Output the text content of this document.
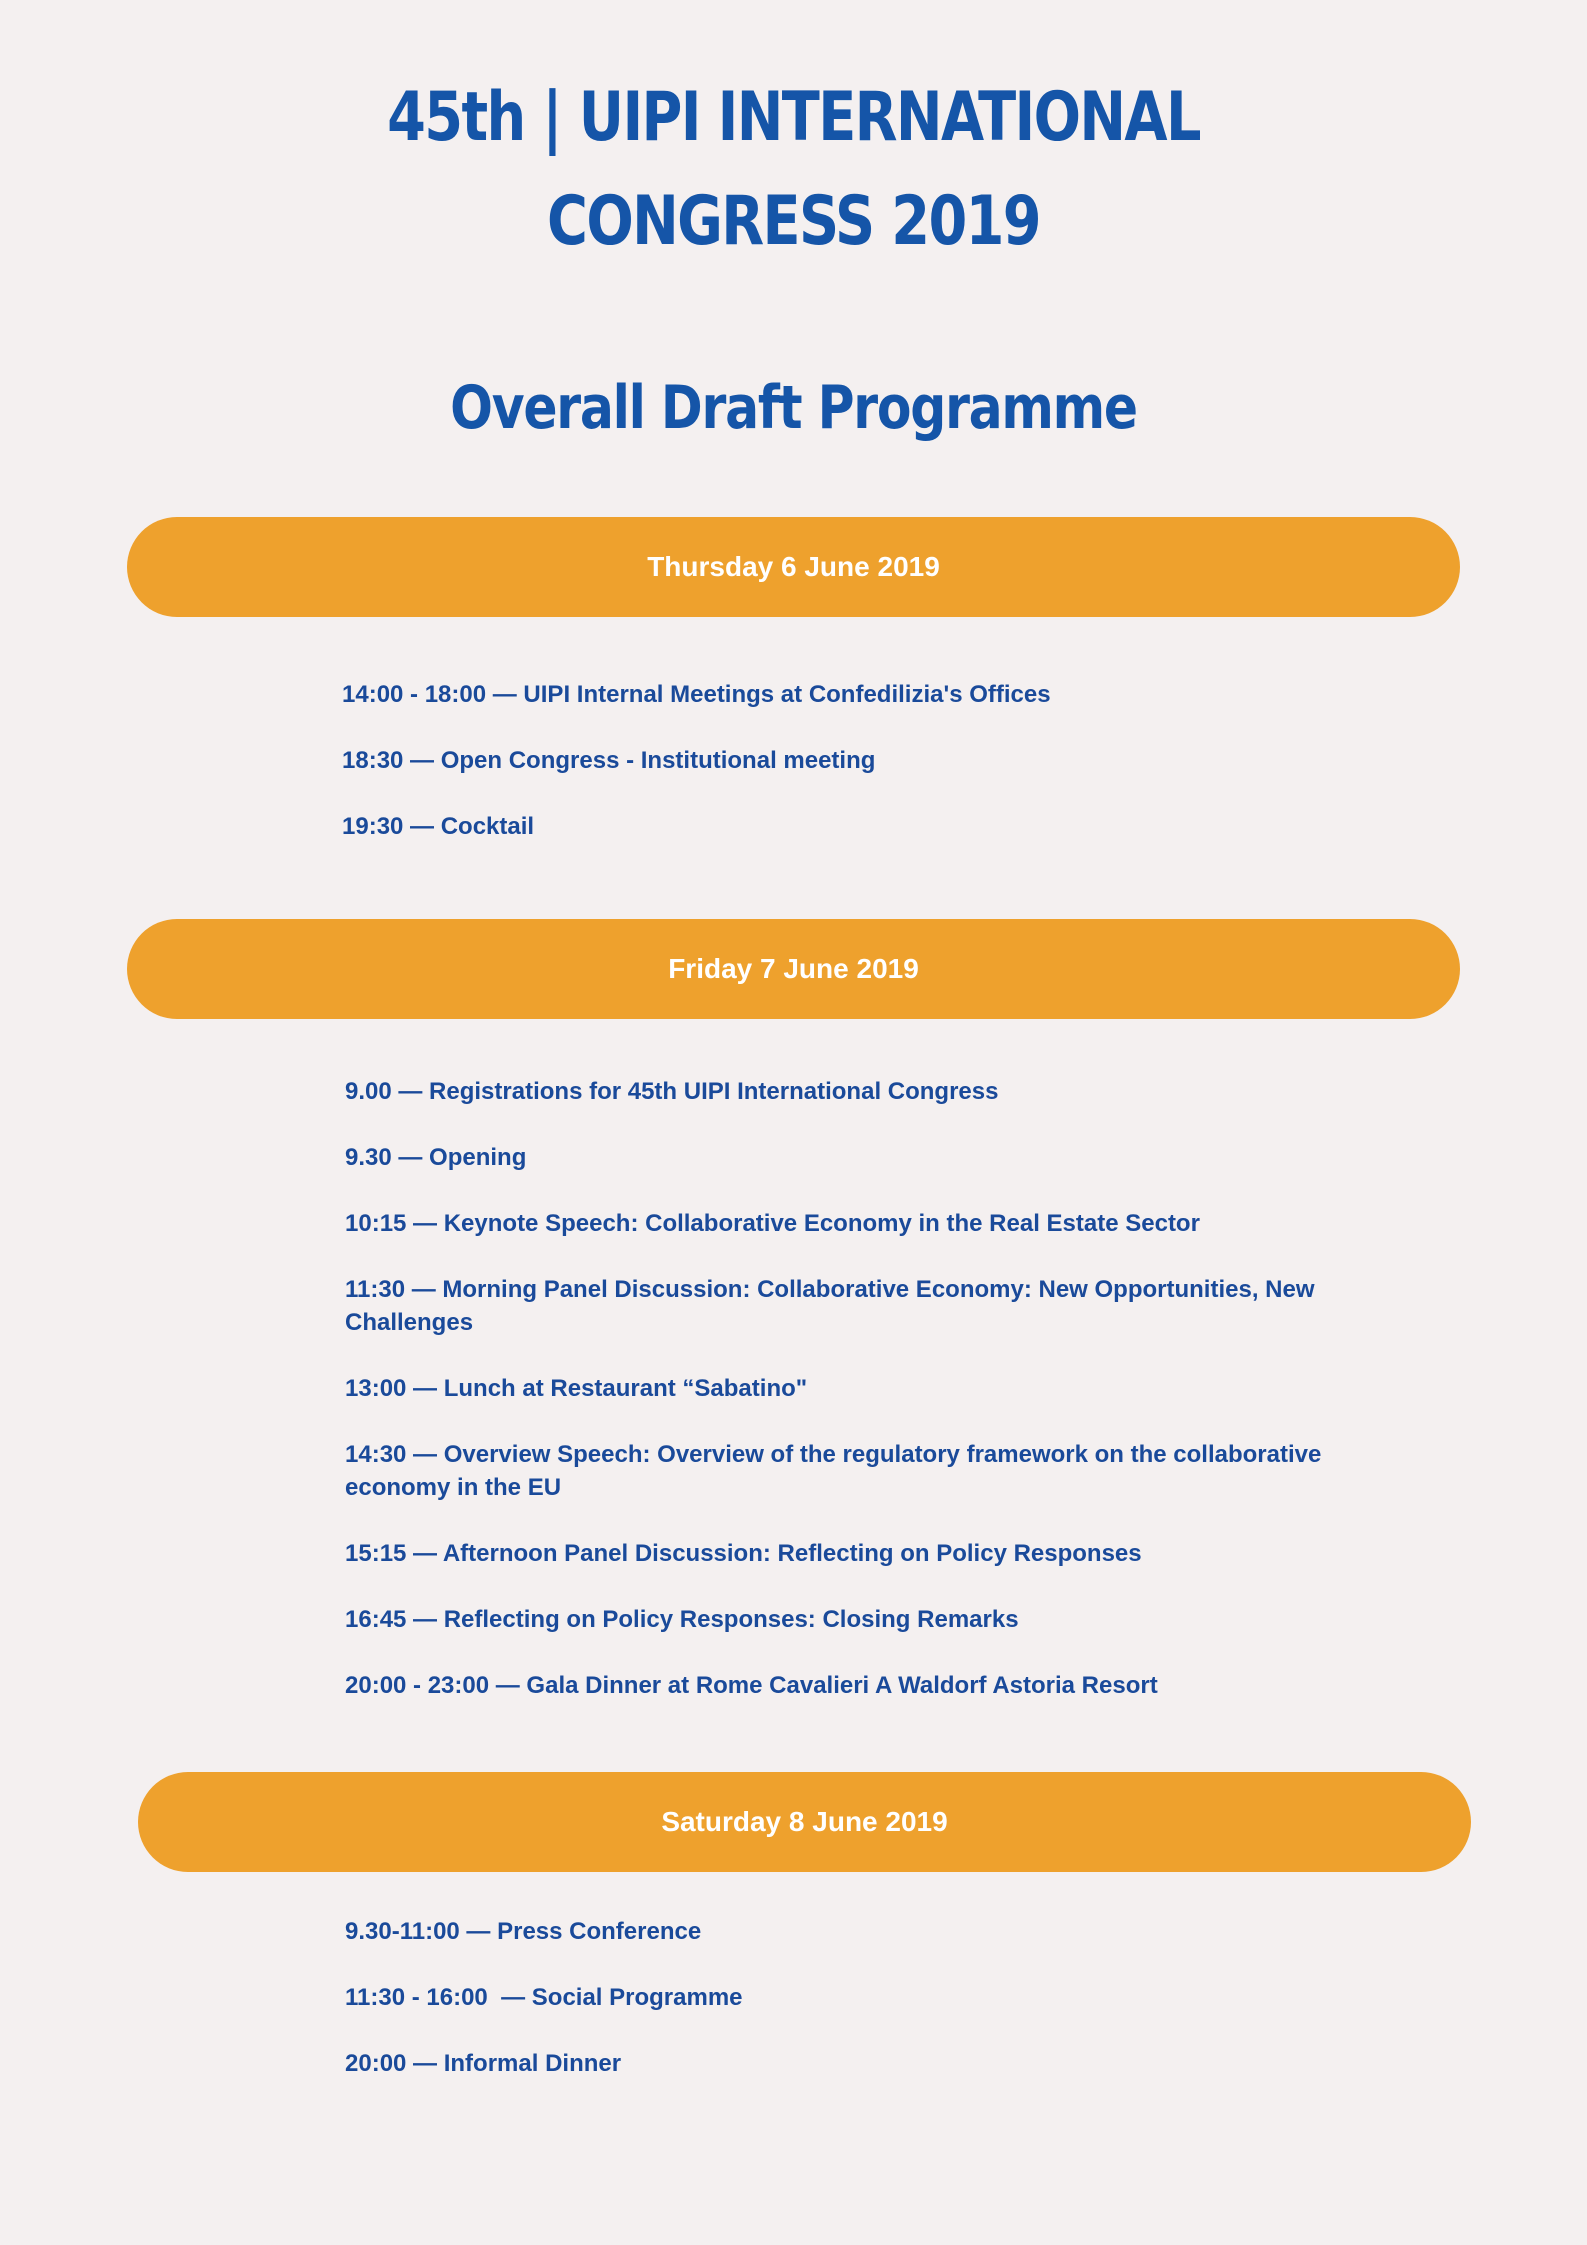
45th | UIPI INTERNATIONAL
CONGRESS 2019
Overall Draft Programme
Thursday 6 June 2019
14:00 - 18:00 — UIPI Internal Meetings at Confedilizia's Offices
18:30 — Open Congress - Institutional meeting
19:30 — Cocktail
Friday 7 June 2019
9.00 — Registrations for 45th UIPI International Congress
9.30 — Opening
10:15 — Keynote Speech: Collaborative Economy in the Real Estate Sector
11:30 — Morning Panel Discussion: Collaborative Economy: New Opportunities, New Challenges
13:00 — Lunch at Restaurant “Sabatino"
14:30 — Overview Speech: Overview of the regulatory framework on the collaborative economy in the EU
15:15 — Afternoon Panel Discussion: Reflecting on Policy Responses
16:45 — Reflecting on Policy Responses: Closing Remarks
20:00 - 23:00 — Gala Dinner at Rome Cavalieri A Waldorf Astoria Resort
Saturday 8 June 2019
9.30-11:00 — Press Conference
11:30 - 16:00  — Social Programme
20:00 — Informal Dinner
